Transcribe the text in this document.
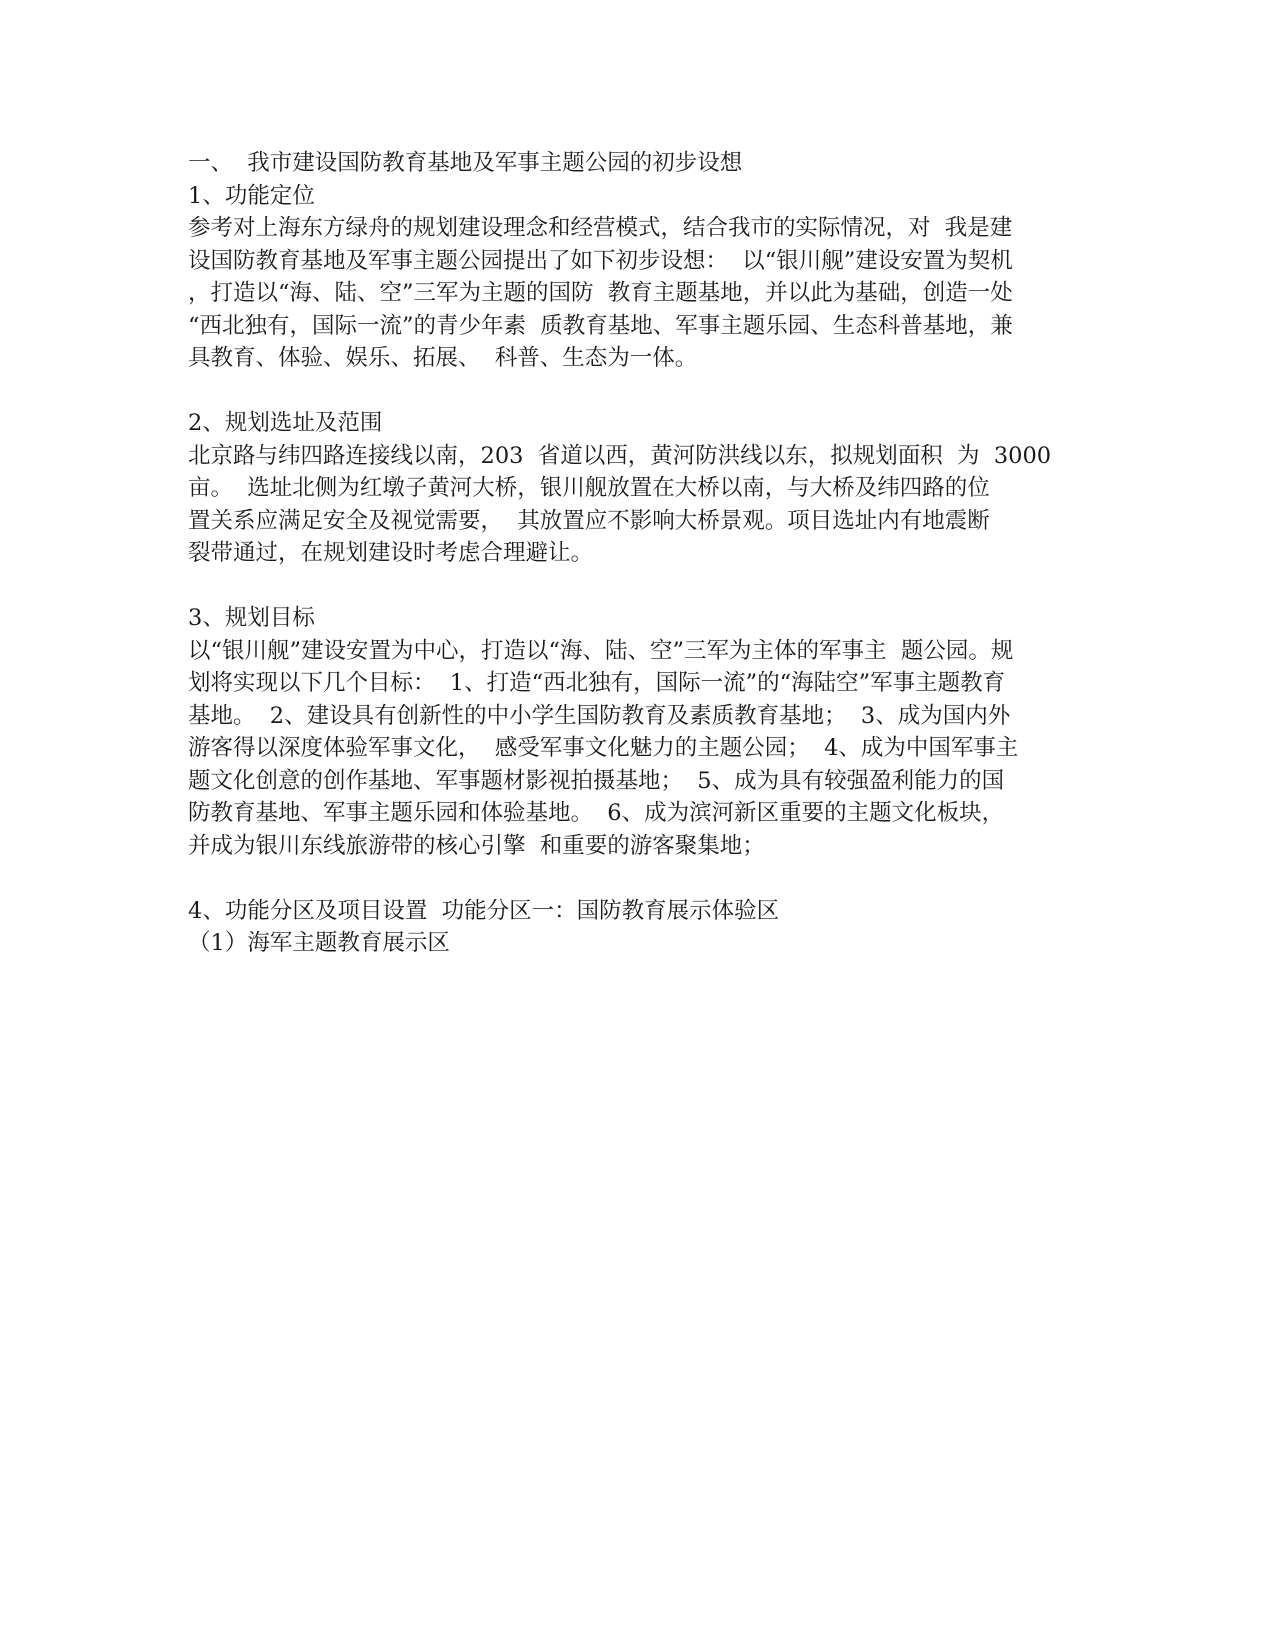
一、  我市建设国防教育基地及军事主题公园的初步设想
1、功能定位
参考对上海东方绿舟的规划建设理念和经营模式，结合我市的实际情况，对  我是建
设国防教育基地及军事主题公园提出了如下初步设想：  以“银川舰”建设安置为契机
，打造以“海、陆、空”三军为主题的国防  教育主题基地，并以此为基础，创造一处
“西北独有，国际一流”的青少年素  质教育基地、军事主题乐园、生态科普基地，兼
具教育、体验、娱乐、拓展、  科普、生态为一体。
2、规划选址及范围
北京路与纬四路连接线以南，203  省道以西，黄河防洪线以东，拟规划面积  为  3000
亩。  选址北侧为红墩子黄河大桥，银川舰放置在大桥以南，与大桥及纬四路的位
置关系应满足安全及视觉需要，  其放置应不影响大桥景观。项目选址内有地震断
裂带通过，在规划建设时考虑合理避让。
3、规划目标
以“银川舰”建设安置为中心，打造以“海、陆、空”三军为主体的军事主  题公园。规
划将实现以下几个目标：  1、打造“西北独有，国际一流”的“海陆空”军事主题教育
基地。  2、建设具有创新性的中小学生国防教育及素质教育基地；  3、成为国内外
游客得以深度体验军事文化，  感受军事文化魅力的主题公园；  4、成为中国军事主
题文化创意的创作基地、军事题材影视拍摄基地；  5、成为具有较强盈利能力的国
防教育基地、军事主题乐园和体验基地。  6、成为滨河新区重要的主题文化板块，
并成为银川东线旅游带的核心引擎  和重要的游客聚集地；
4、功能分区及项目设置  功能分区一：国防教育展示体验区
（1）海军主题教育展示区
